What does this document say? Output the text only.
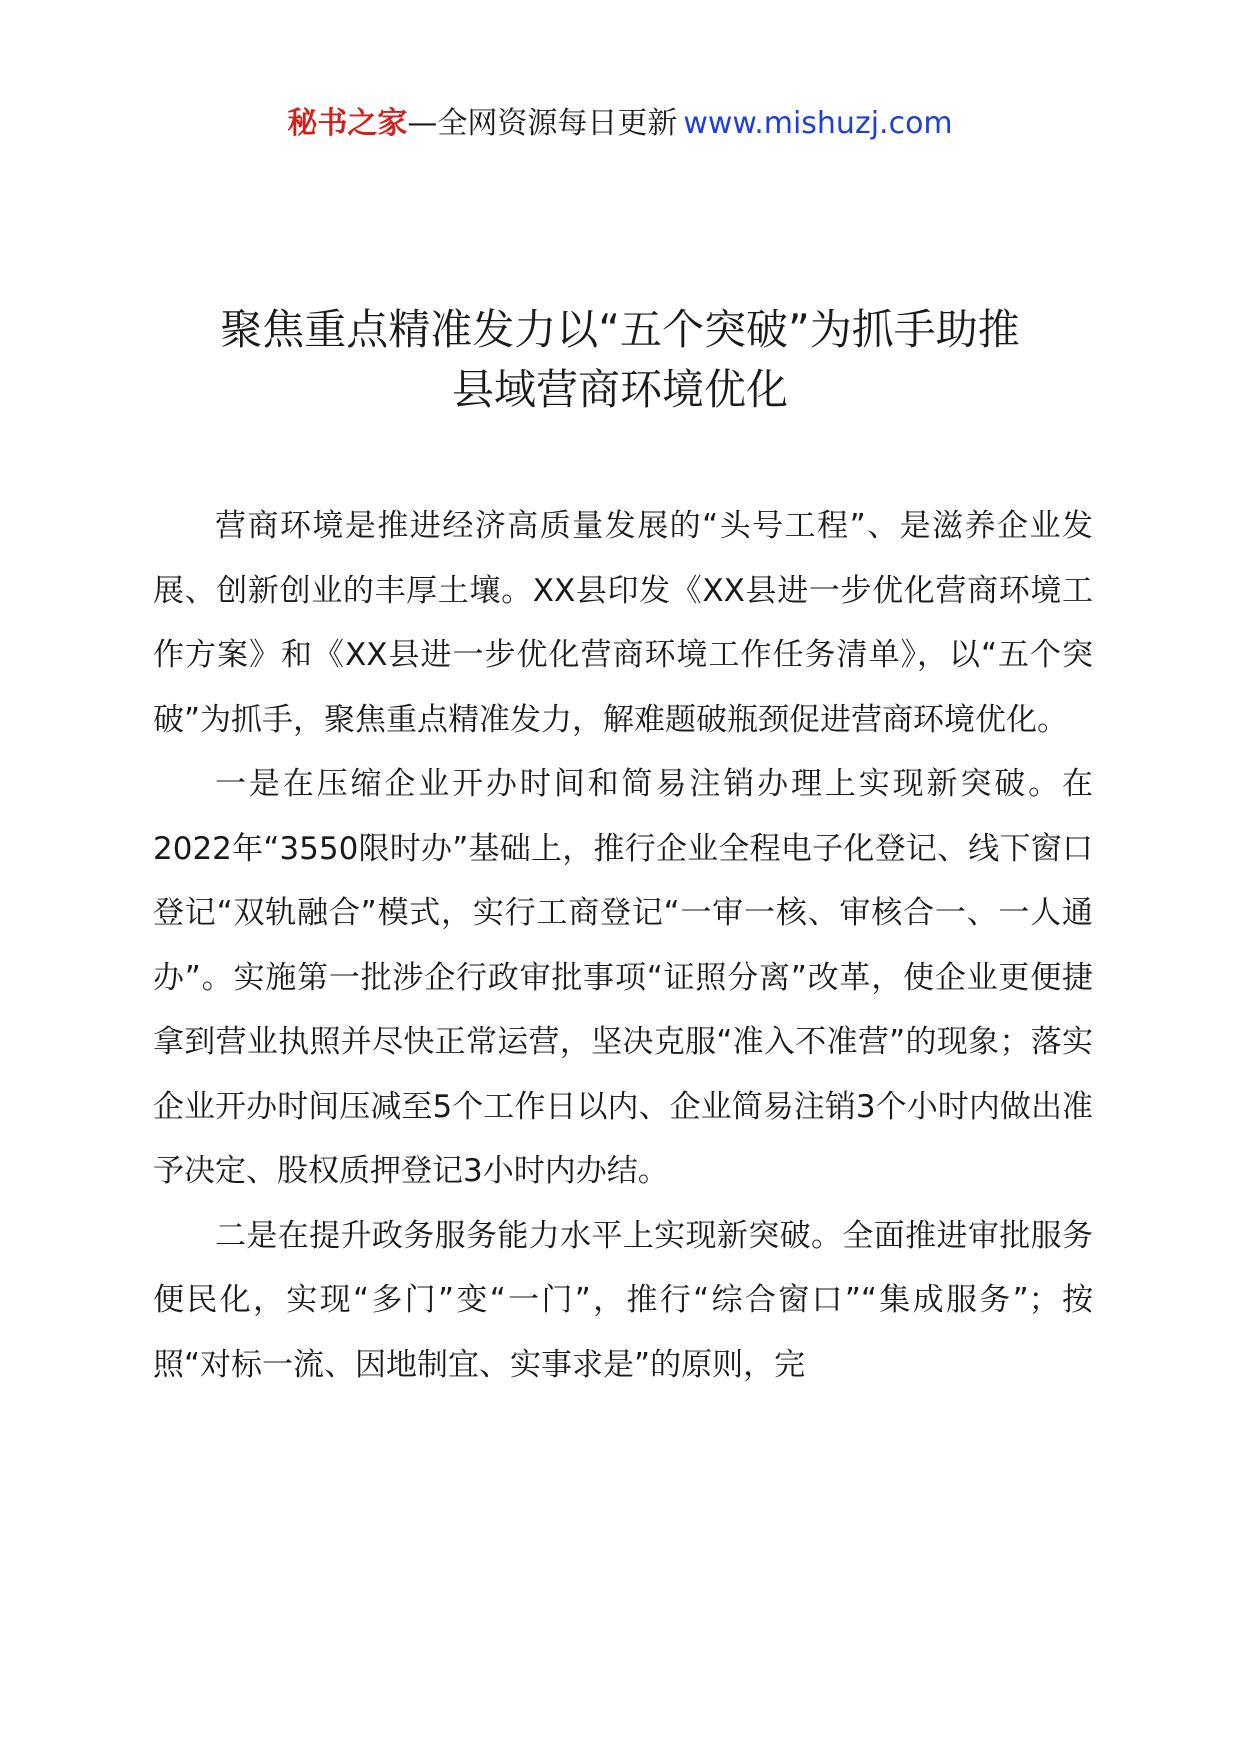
秘书之家—全网资源每日更新 www.mishuzj.com
聚焦重点精准发力以“五个突破”为抓手助推
县域营商环境优化

营商环境是推进经济高质量发展的“头号工程”、是滋养企业发展、创新创业的丰厚土壤。XX县印发《XX县进一步优化营商环境工作方案》和《XX县进一步优化营商环境工作任务清单》，以“五个突破”为抓手，聚焦重点精准发力，解难题破瓶颈促进营商环境优化。

一是在压缩企业开办时间和简易注销办理上实现新突破。在2022年“3550限时办”基础上，推行企业全程电子化登记、线下窗口登记“双轨融合”模式，实行工商登记“一审一核、审核合一、一人通办”。实施第一批涉企行政审批事项“证照分离”改革，使企业更便捷拿到营业执照并尽快正常运营，坚决克服“准入不准营”的现象；落实企业开办时间压减至5个工作日以内、企业简易注销3个小时内做出准予决定、股权质押登记3小时内办结。

二是在提升政务服务能力水平上实现新突破。全面推进审批服务便民化，实现“多门”变“一门”，推行“综合窗口”“集成服务”；按照“对标一流、因地制宜、实事求是”的原则，完
